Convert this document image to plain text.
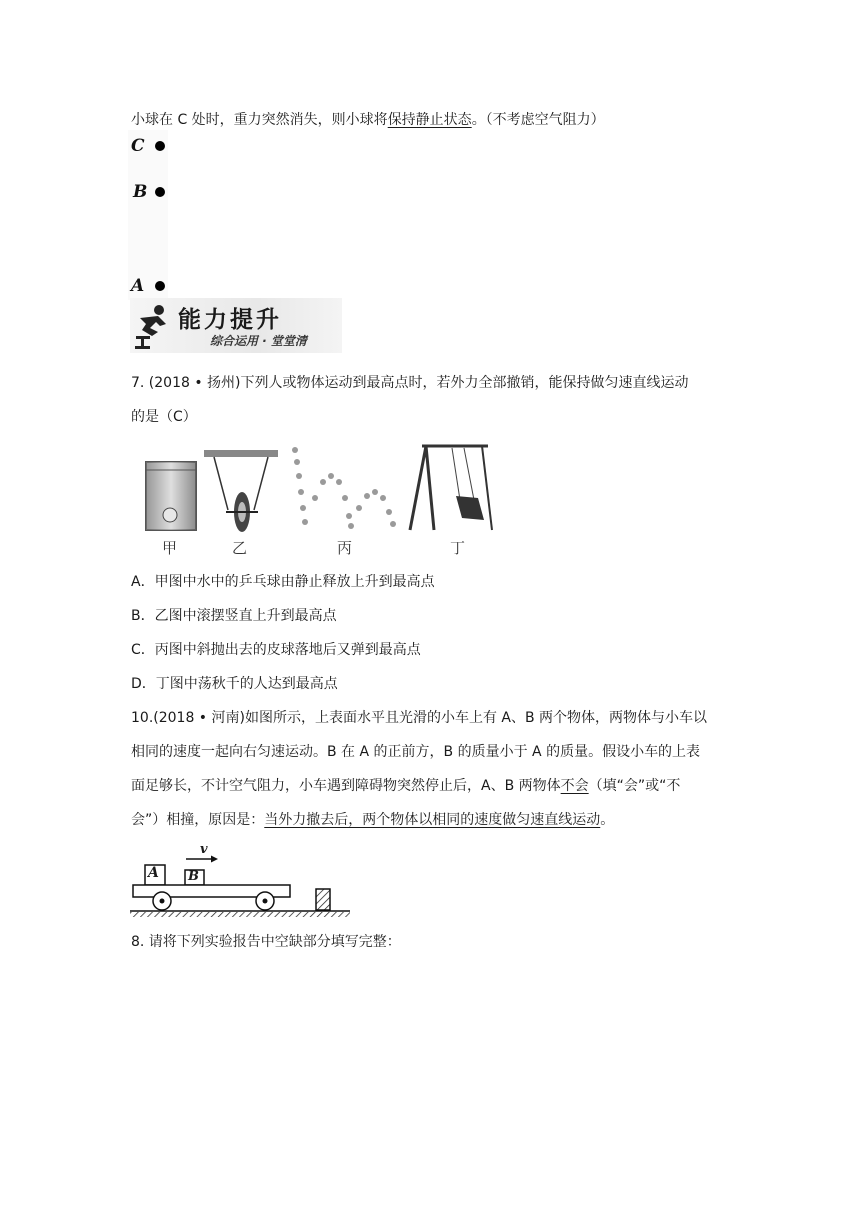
小球在 C 处时，重力突然消失，则小球将保持静止状态。（不考虑空气阻力）
C
B
A
能力提升
综合运用 · 堂堂清
7. (2018 • 扬州)下列人或物体运动到最高点时，若外力全部撤销，能保持做匀速直线运动
的是（C）
甲	乙	丙	丁
A．甲图中水中的乒乓球由静止释放上升到最高点
B．乙图中滚摆竖直上升到最高点
C．丙图中斜抛出去的皮球落地后又弹到最高点
D．丁图中荡秋千的人达到最高点
10.(2018 • 河南)如图所示，上表面水平且光滑的小车上有 A、B 两个物体，两物体与小车以
相同的速度一起向右匀速运动。B 在 A 的正前方，B 的质量小于 A 的质量。假设小车的上表
面足够长，不计空气阻力，小车遇到障碍物突然停止后，A、B 两物体不会（填“会”或“不
会”）相撞，原因是：当外力撤去后，两个物体以相同的速度做匀速直线运动。
A B
v
8. 请将下列实验报告中空缺部分填写完整：
